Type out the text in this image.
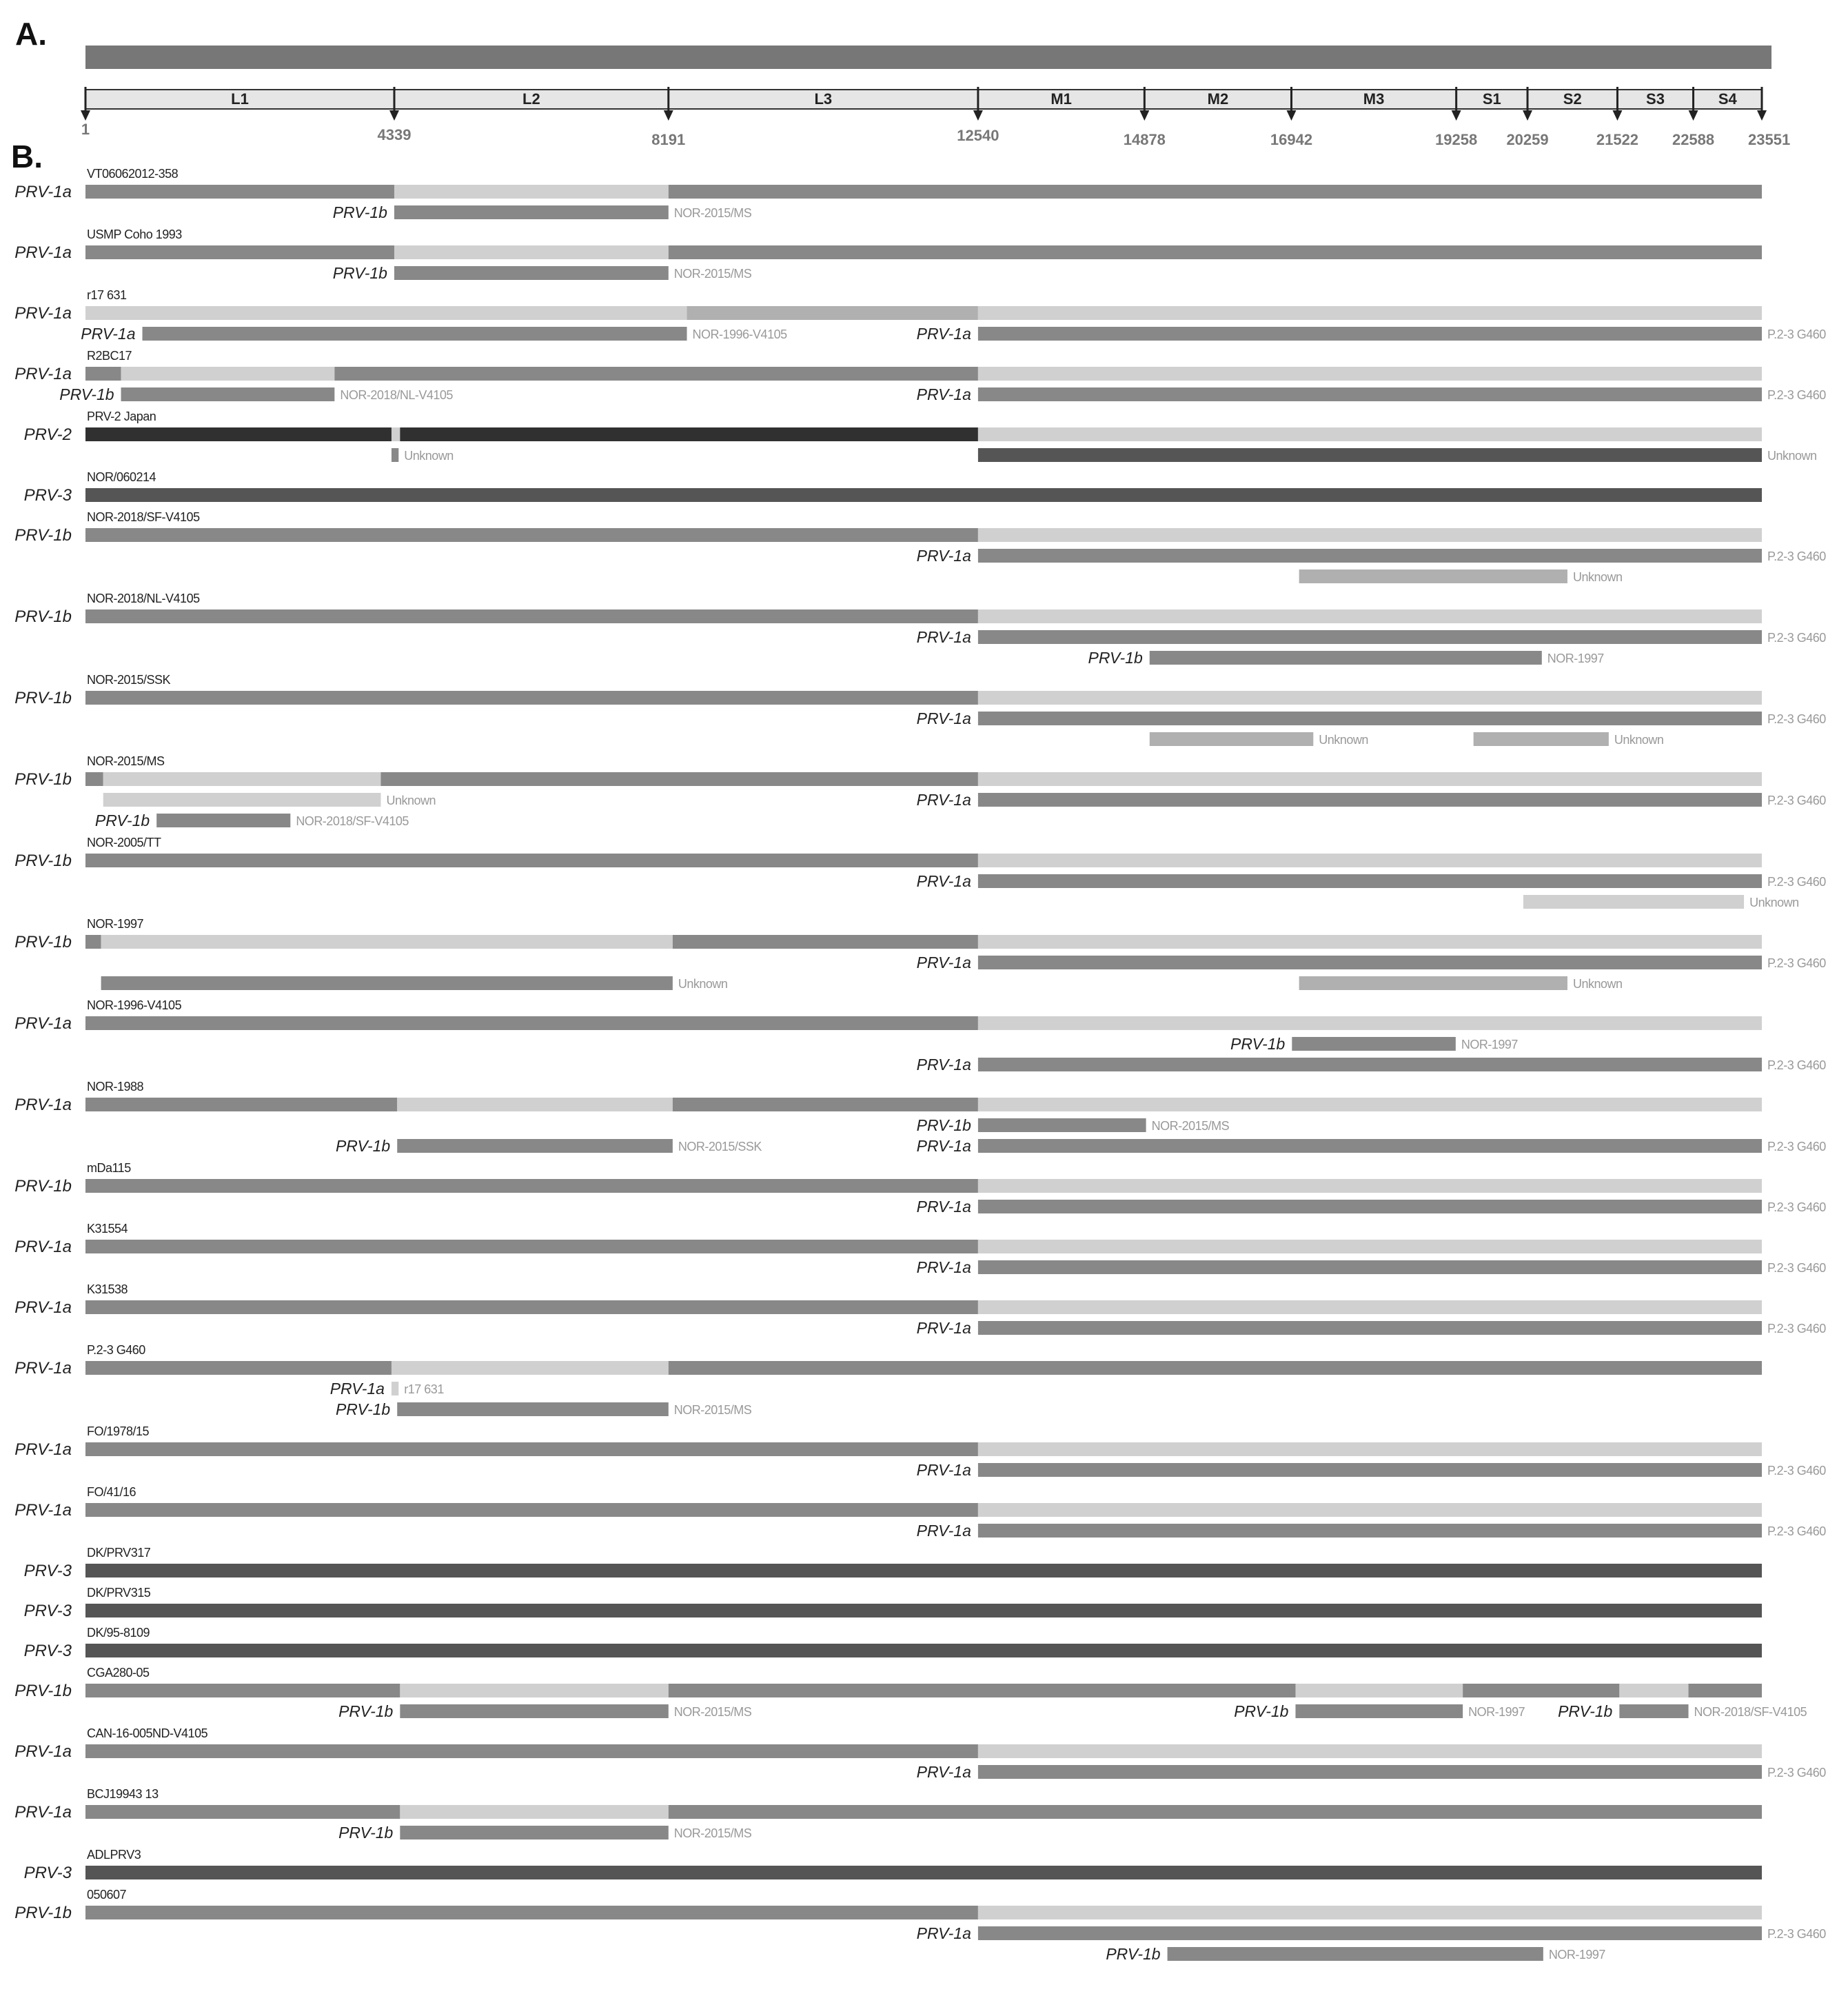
A.
B.
L1	L2	L3	M1	M2	M3	S1	S2	S3	S4
1	4339	8191	12540	14878	16942	19258 20259	21522 22588 23551
VT06062012-358
PRV-1a
PRV-1b	NOR-2015/MS
USMP Coho 1993
PRV-1a
PRV-1b	NOR-2015/MS
r17 631
PRV-1a
PRV-1a	NOR-1996-V4105	PRV-1a	P.2-3 G460
R2BC17
PRV-1a
PRV-1b	NOR-2018/NL-V4105	PRV-1a	P.2-3 G460
PRV-2 Japan
PRV-2
Unknown	Unknown
NOR/060214
PRV-3
NOR-2018/SF-V4105
PRV-1b
PRV-1a	P.2-3 G460
Unknown
NOR-2018/NL-V4105
PRV-1b
PRV-1a	P.2-3 G460
PRV-1b	NOR-1997
NOR-2015/SSK
PRV-1b
PRV-1a	P.2-3 G460
Unknown	Unknown
NOR-2015/MS
PRV-1b
Unknown	PRV-1a	P.2-3 G460
PRV-1b	NOR-2018/SF-V4105
NOR-2005/TT
PRV-1b
PRV-1a	P.2-3 G460
Unknown
NOR-1997
PRV-1b
PRV-1a	P.2-3 G460
Unknown	Unknown
NOR-1996-V4105
PRV-1a
PRV-1b	NOR-1997
PRV-1a	P.2-3 G460
NOR-1988
PRV-1a
PRV-1b	NOR-2015/MS
PRV-1b	NOR-2015/SSK	PRV-1a	P.2-3 G460
mDa115
PRV-1b
PRV-1a	P.2-3 G460
K31554
PRV-1a
PRV-1a	P.2-3 G460
K31538
PRV-1a
PRV-1a	P.2-3 G460
P.2-3 G460
PRV-1a
PRV-1a r17 631
PRV-1b	NOR-2015/MS
FO/1978/15
PRV-1a
PRV-1a	P.2-3 G460
FO/41/16
PRV-1a
PRV-1a	P.2-3 G460
DK/PRV317
PRV-3
DK/PRV315
PRV-3
DK/95-8109
PRV-3
CGA280-05
PRV-1b
PRV-1b	NOR-2015/MS	PRV-1b	NOR-1997 PRV-1b	NOR-2018/SF-V4105
CAN-16-005ND-V4105
PRV-1a
PRV-1a	P.2-3 G460
BCJ19943 13
PRV-1a
PRV-1b	NOR-2015/MS
ADLPRV3
PRV-3
050607
PRV-1b
PRV-1a	P.2-3 G460
PRV-1b	NOR-1997
